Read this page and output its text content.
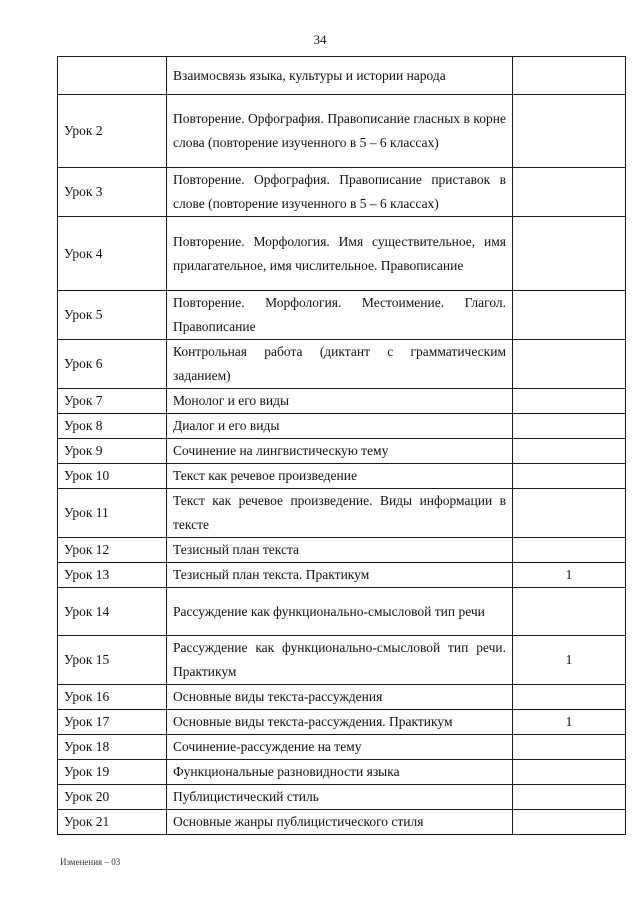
34
	Взаимосвязь языка, культуры и истории народа	
Урок 2	Повторение. Орфография. Правописание гласных в корне слова (повторение изученного в 5 – 6 классах)	
Урок 3	Повторение. Орфография. Правописание приставок в слове (повторение изученного в 5 – 6 классах)	
Урок 4	Повторение. Морфология. Имя существительное, имя прилагательное, имя числительное. Правописание	
Урок 5	Повторение. Морфология. Местоимение. Глагол. Правописание	
Урок 6	Контрольная работа (диктант с грамматическим заданием)	
Урок 7	Монолог и его виды	
Урок 8	Диалог и его виды	
Урок 9	Сочинение на лингвистическую тему	
Урок 10	Текст как речевое произведение	
Урок 11	Текст как речевое произведение. Виды информации в тексте	
Урок 12	Тезисный план текста	
Урок 13	Тезисный план текста. Практикум	1
Урок 14	Рассуждение как функционально-смысловой тип речи	
Урок 15	Рассуждение как функционально-смысловой тип речи. Практикум	1
Урок 16	Основные виды текста-рассуждения	
Урок 17	Основные виды текста-рассуждения. Практикум	1
Урок 18	Сочинение-рассуждение на тему	
Урок 19	Функциональные разновидности языка	
Урок 20	Публицистический стиль	
Урок 21	Основные жанры публицистического стиля	
Изменения – 03
